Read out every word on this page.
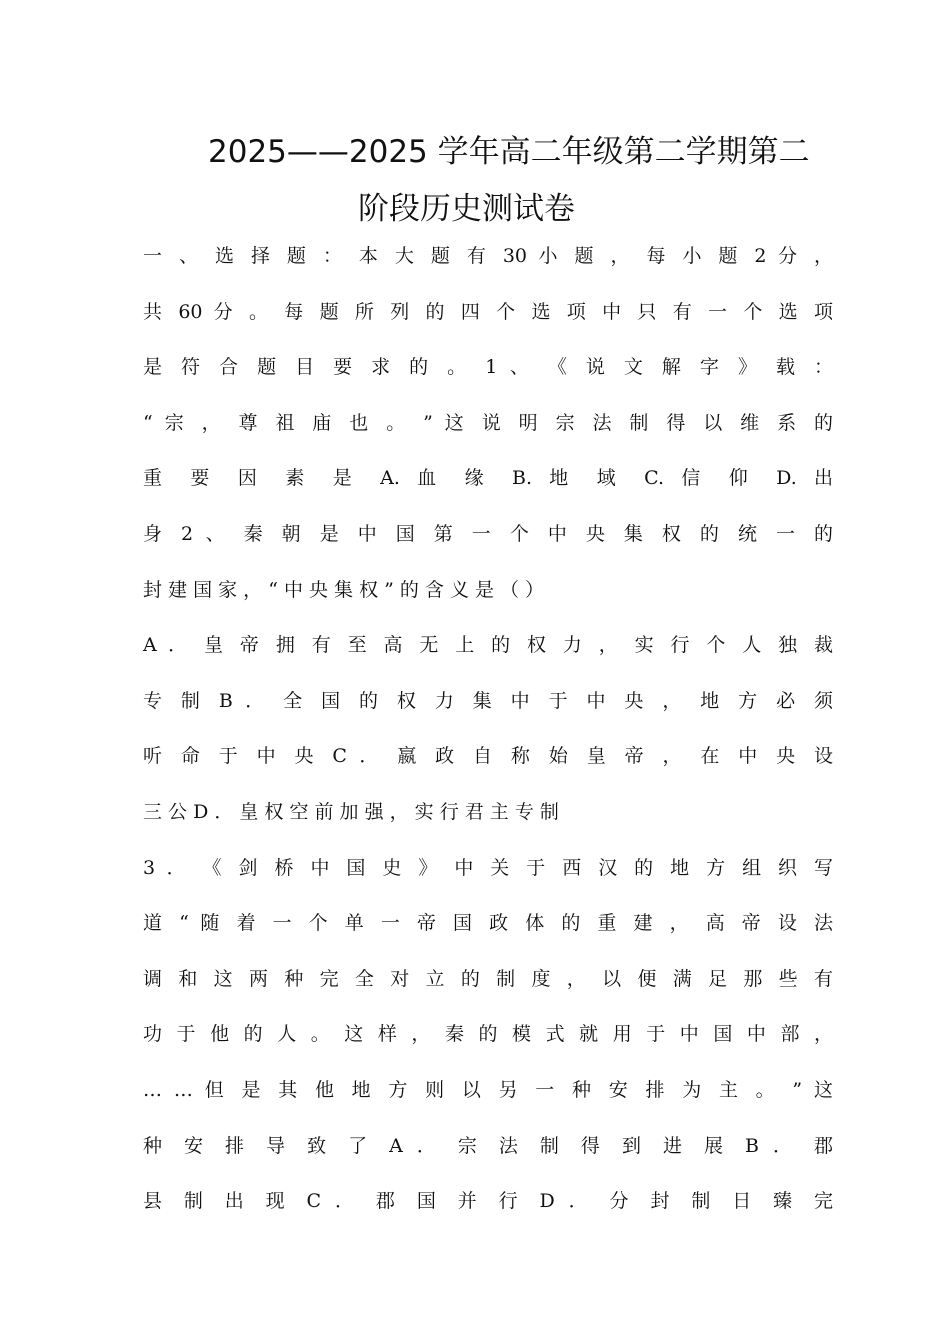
2025——2025 学年高二年级第二学期第二
阶段历史测试卷
一 、 选 择 题 ： 本 大 题 有 30 小 题 ， 每 小 题 2 分 ，
共 60 分 。 每 题 所 列 的 四 个 选 项 中 只 有 一 个 选 项
是 符 合 题 目 要 求 的 。 1 、 《 说 文 解 字 》 载 ：
“ 宗 ， 尊 祖 庙 也 。 ” 这 说 明 宗 法 制 得 以 维 系 的
重 要 因 素 是 A. 血 缘 B. 地 域 C. 信 仰 D. 出
身 2 、 秦 朝 是 中 国 第 一 个 中 央 集 权 的 统 一 的
封 建 国 家 ， “ 中 央 集 权 ” 的 含 义 是 （ ）
A ． 皇 帝 拥 有 至 高 无 上 的 权 力 ， 实 行 个 人 独 裁
专 制 B ． 全 国 的 权 力 集 中 于 中 央 ， 地 方 必 须
听 命 于 中 央 C ． 嬴 政 自 称 始 皇 帝 ， 在 中 央 设
三 公 D ． 皇 权 空 前 加 强 ， 实 行 君 主 专 制
3 ． 《 剑 桥 中 国 史 》 中 关 于 西 汉 的 地 方 组 织 写
道 “ 随 着 一 个 单 一 帝 国 政 体 的 重 建 ， 高 帝 设 法
调 和 这 两 种 完 全 对 立 的 制 度 ， 以 便 满 足 那 些 有
功 于 他 的 人 。 这 样 ， 秦 的 模 式 就 用 于 中 国 中 部 ，
… … 但 是 其 他 地 方 则 以 另 一 种 安 排 为 主 。 ” 这
种 安 排 导 致 了 A ． 宗 法 制 得 到 进 展 B ． 郡
县 制 出 现 C ． 郡 国 并 行 D ． 分 封 制 日 臻 完
